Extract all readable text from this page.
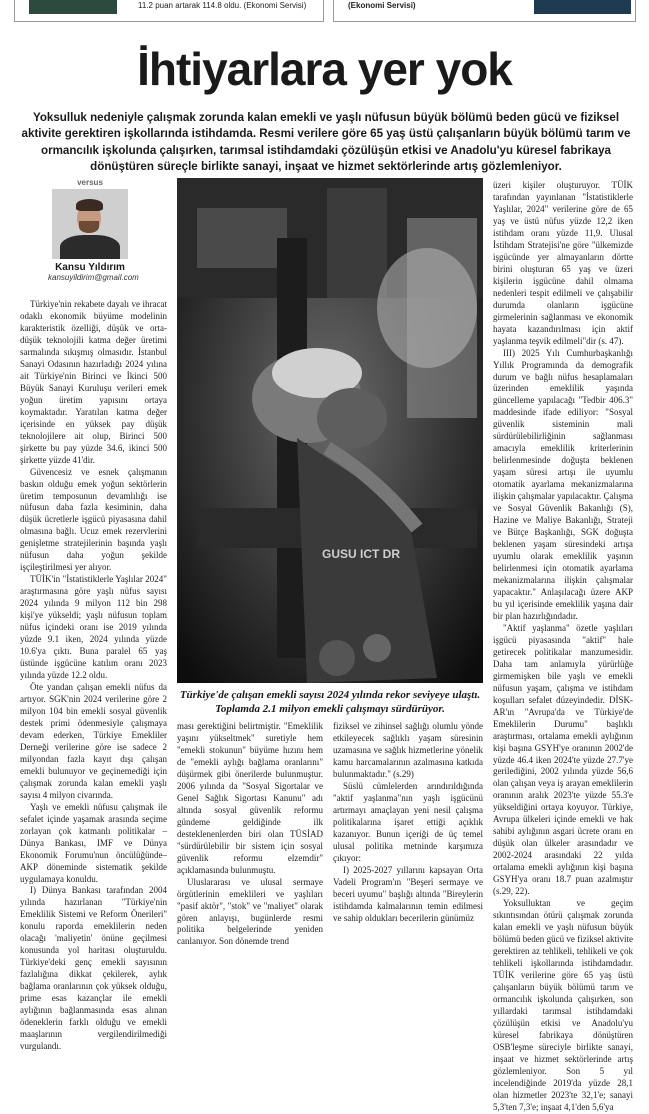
11.2 puan artarak 114.8 oldu. (Ekonomi Servisi)	(Ekonomi Servisi)
İhtiyarlara yer yok
Yoksulluk nedeniyle çalışmak zorunda kalan emekli ve yaşlı nüfusun büyük bölümü beden gücü ve fiziksel aktivite gerektiren işkollarında istihdamda. Resmi verilere göre 65 yaş üstü çalışanların büyük bölümü tarım ve ormancılık işkolunda çalışırken, tarımsal istihdamdaki çözülüşün etkisi ve Anadolu'yu küresel fabrikaya dönüştüren süreçle birlikte sanayi, inşaat ve hizmet sektörlerinde artış gözlemleniyor.
versus
Kansu Yıldırım
kansuyildirim@gmail.com
GUSU ICT DR
Türkiye'de çalışan emekli sayısı 2024 yılında rekor seviyeye ulaştı. Toplamda 2.1 milyon emekli çalışmayı sürdürüyor.

Türkiye'nin rekabete dayalı ve ihracat odaklı ekonomik büyüme modelinin karakteristik özelliği, düşük ve orta-düşük teknolojili katma değer üretimi sarmalında sıkışmış olmasıdır. İstanbul Sanayi Odasının hazırladığı 2024 yılına ait Türkiye'nin Birinci ve İkinci 500 Büyük Sanayi Kuruluşu verileri emek yoğun üretim yapısını ortaya koymaktadır. Yaratılan katma değer içerisinde en yüksek pay düşük teknolojilere ait olup, Birinci 500 şirkette bu pay yüzde 34.6, ikinci 500 şirkette yüzde 41'dir.

Güvencesiz ve esnek çalışmanın baskın olduğu emek yoğun sektörlerin üretim temposunun devamlılığı ise nüfusun daha fazla kesiminin, daha düşük ücretlerle işgücü piyasasına dahil olmasına bağlı. Ucuz emek rezervlerini genişletme stratejilerinin başında yaşlı nüfusun daha yoğun şekilde işçileştirilmesi yer alıyor.

TÜİK'in "İstatistiklerle Yaşlılar 2024" araştırmasına göre yaşlı nüfus sayısı 2024 yılında 9 milyon 112 bin 298 kişi'ye yükseldi; yaşlı nüfusun toplam nüfus içindeki oranı ise 2019 yılında yüzde 9.1 iken, 2024 yılında yüzde 10.6'ya çıktı. Buna paralel 65 yaş üstünde işgücüne katılım oranı 2023 yılında yüzde 12.2 oldu.

Öte yandan çalışan emekli nüfus da artıyor. SGK'nin 2024 verilerine göre 2 milyon 104 bin emekli sosyal güvenlik destek primi ödenmesiyle çalışmaya devam ederken, Türkiye Emekliler Derneği verilerine göre ise sadece 2 milyondan fazla kayıt dışı çalışan emekli bulunuyor ve geçinemediği için çalışmak zorunda kalan emekli yaşlı sayısı 4 milyon civarında.

Yaşlı ve emekli nüfusu çalışmak ile sefalet içinde yaşamak arasında seçime zorlayan çok katmanlı politikalar –Dünya Bankası, IMF ve Dünya Ekonomik Forumu'nun öncülüğünde– AKP döneminde sistematik şekilde uygulamaya konuldu.

I) Dünya Bankası tarafından 2004 yılında hazırlanan "Türkiye'nin Emeklilik Sistemi ve Reform Önerileri" konulu raporda emeklilerin neden olacağı 'maliyetin' önüne geçilmesi konusunda yol haritası oluşturuldu. Türkiye'deki genç emekli sayısının fazlalığına dikkat çekilerek, aylık bağlama oranlarının çok yüksek olduğu, prime esas kazançlar ile emekli aylığının bağlanmasında esas alınan ödeneklerin farklı olduğu ve emekli maaşlarının vergilendirilmediği vurgulandı.

ması gerektiğini belirtmiştir. "Emeklilik yaşını yükseltmek" suretiyle hem "emekli stokunun" büyüme hızını hem de "emekli aylığı bağlama oranlarını" düşürmek gibi önerilerde bulunmuştur. 2006 yılında da "Sosyal Sigortalar ve Genel Sağlık Sigortası Kanunu" adı altında sosyal güvenlik reformu gündeme geldiğinde ilk desteklenenlerden biri olan TÜSİAD "sürdürülebilir bir sistem için sosyal güvenlik reformu elzemdir" açıklamasında bulunmuştu.

Uluslararası ve ulusal sermaye örgütlerinin emeklileri ve yaşlıları "pasif aktör", "stok" ve "maliyet" olarak gören anlayışı, bugünlerde resmi politika belgelerinde yeniden canlanıyor. Son dönemde trend

fiziksel ve zihinsel sağlığı olumlu yönde etkileyecek sağlıklı yaşam süresinin uzamasına ve sağlık hizmetlerine yönelik kamu harcamalarının azalmasına katkıda bulunmaktadır." (s.29)

Süslü cümlelerden arındırıldığında "aktif yaşlanma"nın yaşlı işgücünü artırmayı amaçlayan yeni nesil çalışma politikalarına işaret ettiği açıklık kazanıyor. Bunun içeriği de üç temel ulusal politika metninde karşımıza çıkıyor:

I) 2025-2027 yıllarını kapsayan Orta Vadeli Program'ın "Beşeri sermaye ve beceri uyumu" başlığı altında "Bireylerin istihdamda kalmalarının temin edilmesi ve sahip oldukları becerilerin günümüz

üzeri kişiler oluşturuyor. TÜİK tarafından yayınlanan "İstatistiklerle Yaşlılar, 2024" verilerine göre de 65 yaş ve üstü nüfus yüzde 12,2 iken istihdam oranı yüzde 11,9. Ulusal İstihdam Stratejisi'ne göre "ülkemizde işgücünde yer almayanların dörtte birini oluşturan 65 yaş ve üzeri kişilerin işgücüne dahil olmama nedenleri tespit edilmeli ve çalışabilir durumda olanların işgücüne girmelerinin sağlanması ve ekonomik hayata kazandırılması için aktif yaşlanma teşvik edilmeli"dir (s. 47).

III) 2025 Yılı Cumhurbaşkanlığı Yıllık Programında da demografik durum ve bağlı nüfus hesaplamaları üzerinden emeklilik yaşında güncelleme yapılacağı "Tedbir 406.3" maddesinde ifade ediliyor: "Sosyal güvenlik sisteminin mali sürdürülebilirliğinin sağlanması amacıyla emeklilik kriterlerinin belirlenmesinde doğuşta beklenen yaşam süresi artışı ile uyumlu otomatik ayarlama mekanizmalarına ilişkin çalışmalar yapılacaktır. Çalışma ve Sosyal Güvenlik Bakanlığı (S), Hazine ve Maliye Bakanlığı, Strateji ve Bütçe Başkanlığı, SGK doğuşta beklenen yaşam süresindeki artışa uyumlu olarak emeklilik yaşının belirlenmesi için otomatik ayarlama mekanizmalarına ilişkin çalışmalar yapacaktır." Anlaşılacağı üzere AKP bu yıl içerisinde emeklilik yaşına dair bir plan hazırlığındadır.

"Aktif yaşlanma" özetle yaşlıları işgücü piyasasında "aktif" hale getirecek politikalar manzumesidir. Daha tam anlamıyla yürürlüğe girmemişken bile yaşlı ve emekli nüfusun yaşam, çalışma ve istihdam koşulları sefalet düzeyindedir. DİSK-AR'ın "Avrupa'da ve Türkiye'de Emeklilerin Durumu" başlıklı araştırması, ortalama emekli aylığının kişi başına GSYH'ye oranının 2002'de yüzde 46.4 iken 2024'te yüzde 27.7'ye gerilediğini, 2002 yılında yüzde 56,6 olan çalışan veya iş arayan emeklilerin oranının aralık 2023'te yüzde 55.3'e yükseldiğini ortaya koyuyor. Türkiye, Avrupa ülkeleri içinde emekli ve hak sahibi aylığının asgari ücrete oranı en düşük olan ülkeler arasındadır ve 2002-2024 arasındaki 22 yılda ortalama emekli aylığının kişi başına GSYH'ya oranı 18.7 puan azalmıştır (s.29, 22).

Yoksulluktan ve geçim sıkıntısından ötürü çalışmak zorunda kalan emekli ve yaşlı nüfusun büyük bölümü beden gücü ve fiziksel aktivite gerektiren az tehlikeli, tehlikeli ve çok tehlikeli işkollarında istihdamdadır. TÜİK verilerine göre 65 yaş üstü çalışanların büyük bölümü tarım ve ormancılık işkolunda çalışırken, son yıllardaki tarımsal istihdamdaki çözülüşün etkisi ve Anadolu'yu küresel fabrikaya dönüştüren OSB'leşme süreciyle birlikte sanayi, inşaat ve hizmet sektörlerinde artış gözlemleniyor. Son 5 yıl incelendiğinde 2019'da yüzde 28,1 olan hizmetler 2023'te 32,1'e; sanayi 5,3'ten 7,3'e; inşaat 4,1'den 5,6'ya
